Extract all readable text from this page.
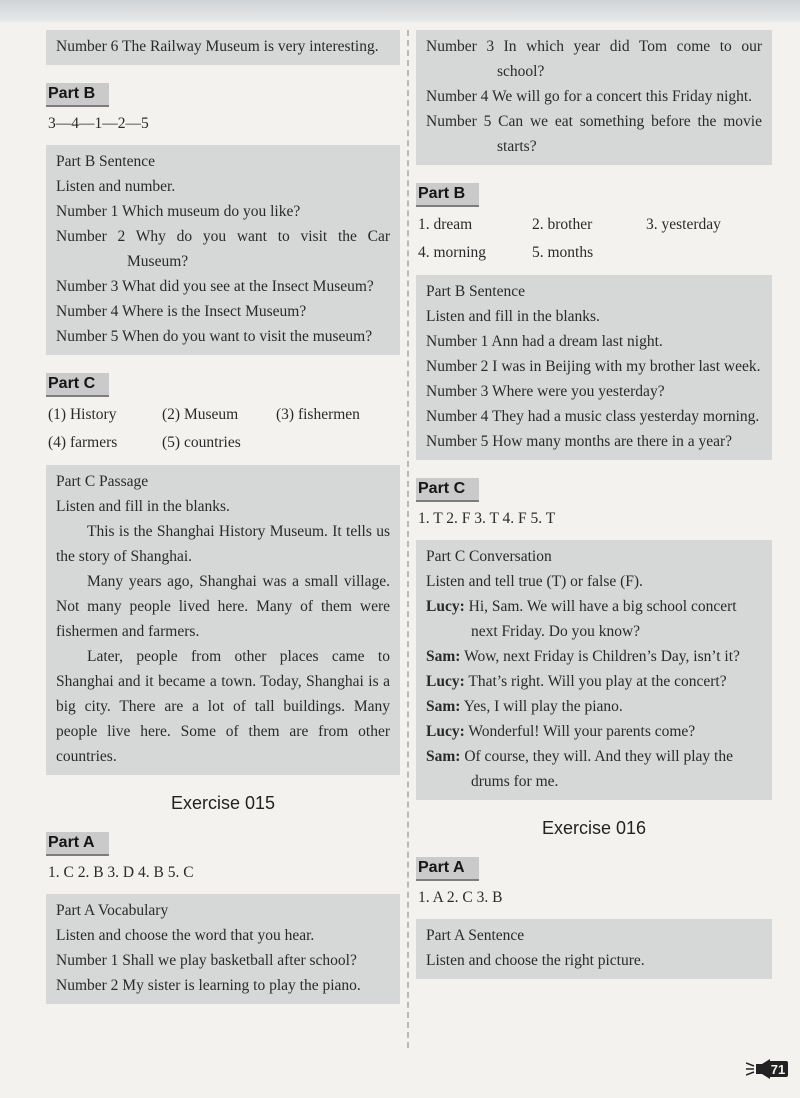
Number 6 The Railway Museum is very interesting.

Part B
3—4—1—2—5

Part B Sentence

Listen and number.

Number 1 Which museum do you like?

Number 2 Why do you want to visit the Car Museum?

Number 3 What did you see at the Insect Museum?

Number 4 Where is the Insect Museum?

Number 5 When do you want to visit the museum?

Part C
(1) History	(2) Museum	(3) fishermen
(4) farmers	(5) countries

Part C Passage

Listen and fill in the blanks.

This is the Shanghai History Museum. It tells us the story of Shanghai.

Many years ago, Shanghai was a small village. Not many people lived here. Many of them were fishermen and farmers.

Later, people from other places came to Shanghai and it became a town. Today, Shanghai is a big city. There are a lot of tall buildings. Many people live here. Some of them are from other countries.

Exercise 015
Part A
1. C 2. B 3. D 4. B 5. C

Part A Vocabulary

Listen and choose the word that you hear.

Number 1 Shall we play basketball after school?

Number 2 My sister is learning to play the piano.

Number 3 In which year did Tom come to our school?

Number 4 We will go for a concert this Friday night.

Number 5 Can we eat something before the movie starts?

Part B
1. dream	2. brother	3. yesterday
4. morning	5. months

Part B Sentence

Listen and fill in the blanks.

Number 1 Ann had a dream last night.

Number 2 I was in Beijing with my brother last week.

Number 3 Where were you yesterday?

Number 4 They had a music class yesterday morning.

Number 5 How many months are there in a year?

Part C
1. T 2. F 3. T 4. F 5. T

Part C Conversation

Listen and tell true (T) or false (F).

Lucy: Hi, Sam. We will have a big school concert next Friday. Do you know?

Sam: Wow, next Friday is Children’s Day, isn’t it?

Lucy: That’s right. Will you play at the concert?

Sam: Yes, I will play the piano.

Lucy: Wonderful! Will your parents come?

Sam: Of course, they will. And they will play the drums for me.

Exercise 016
Part A
1. A 2. C 3. B

Part A Sentence

Listen and choose the right picture.

71
